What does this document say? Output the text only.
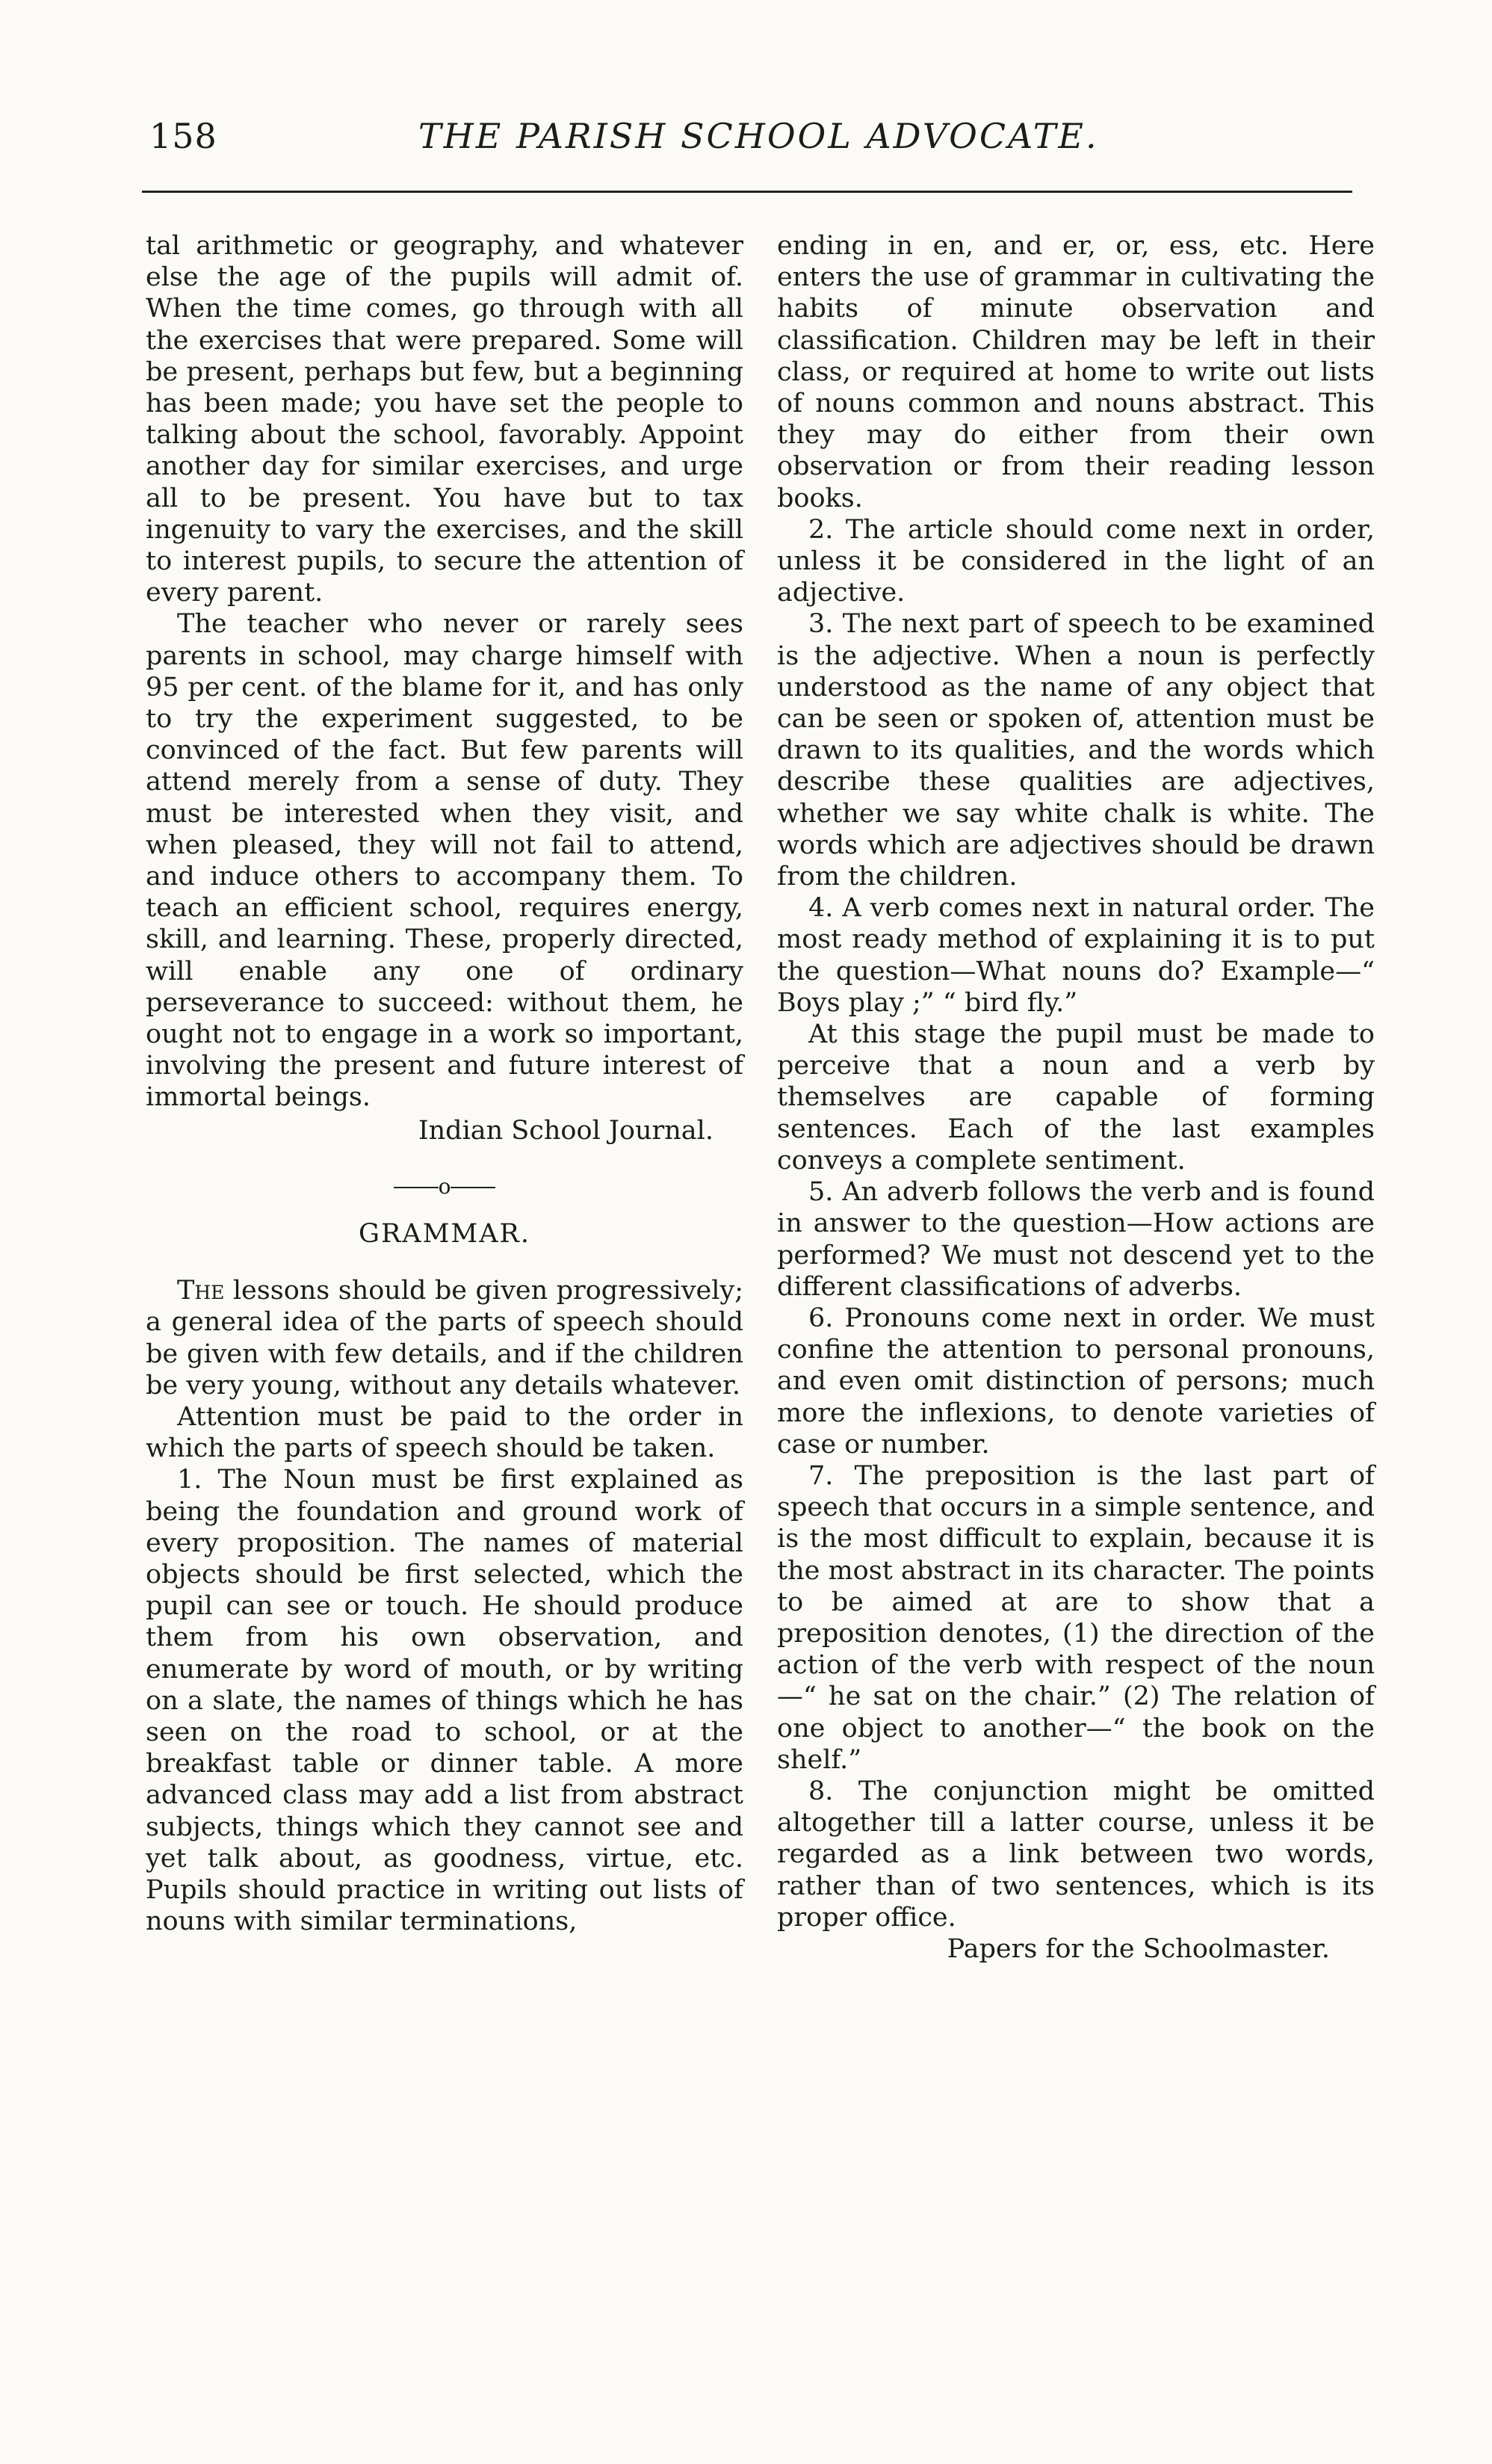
158	THE PARISH SCHOOL ADVOCATE.

tal arithmetic or geography, and whatever else the age of the pupils will admit of. When the time comes, go through with all the exercises that were prepared. Some will be present, perhaps but few, but a beginning has been made; you have set the people to talking about the school, favorably. Appoint another day for similar exercises, and urge all to be present. You have but to tax ingenuity to vary the exercises, and the skill to interest pupils, to secure the attention of every parent.

The teacher who never or rarely sees parents in school, may charge himself with 95 per cent. of the blame for it, and has only to try the experiment suggested, to be convinced of the fact. But few parents will attend merely from a sense of duty. They must be interested when they visit, and when pleased, they will not fail to attend, and induce others to accompany them. To teach an efficient school, requires energy, skill, and learning. These, properly directed, will enable any one of ordinary perseverance to succeed: without them, he ought not to engage in a work so important, involving the present and future interest of immortal beings.

Indian School Journal.

o
GRAMMAR.

The lessons should be given progressively; a general idea of the parts of speech should be given with few details, and if the children be very young, without any details whatever.

Attention must be paid to the order in which the parts of speech should be taken.

1. The Noun must be first explained as being the foundation and ground work of every proposition. The names of material objects should be first selected, which the pupil can see or touch. He should produce them from his own observation, and enumerate by word of mouth, or by writing on a slate, the names of things which he has seen on the road to school, or at the breakfast table or dinner table. A more advanced class may add a list from abstract subjects, things which they cannot see and yet talk about, as goodness, virtue, etc. Pupils should practice in writing out lists of nouns with similar terminations,

ending in en, and er, or, ess, etc. Here enters the use of grammar in cultivating the habits of minute observation and classification. Children may be left in their class, or required at home to write out lists of nouns common and nouns abstract. This they may do either from their own observation or from their reading lesson books.

2. The article should come next in order, unless it be considered in the light of an adjective.

3. The next part of speech to be examined is the adjective. When a noun is perfectly understood as the name of any object that can be seen or spoken of, attention must be drawn to its qualities, and the words which describe these qualities are adjectives, whether we say white chalk is white. The words which are adjectives should be drawn from the children.

4. A verb comes next in natural order. The most ready method of explaining it is to put the question—What nouns do? Example—“ Boys play ;” “ bird fly.”

At this stage the pupil must be made to perceive that a noun and a verb by themselves are capable of forming sentences. Each of the last examples conveys a complete sentiment.

5. An adverb follows the verb and is found in answer to the question—How actions are performed? We must not descend yet to the different classifications of adverbs.

6. Pronouns come next in order. We must confine the attention to personal pronouns, and even omit distinction of persons; much more the inflexions, to denote varieties of case or number.

7. The preposition is the last part of speech that occurs in a simple sentence, and is the most difficult to explain, because it is the most abstract in its character. The points to be aimed at are to show that a preposition denotes, (1) the direction of the action of the verb with respect of the noun —“ he sat on the chair.” (2) The relation of one object to another—“ the book on the shelf.”

8. The conjunction might be omitted altogether till a latter course, unless it be regarded as a link between two words, rather than of two sentences, which is its proper office.

Papers for the Schoolmaster.
